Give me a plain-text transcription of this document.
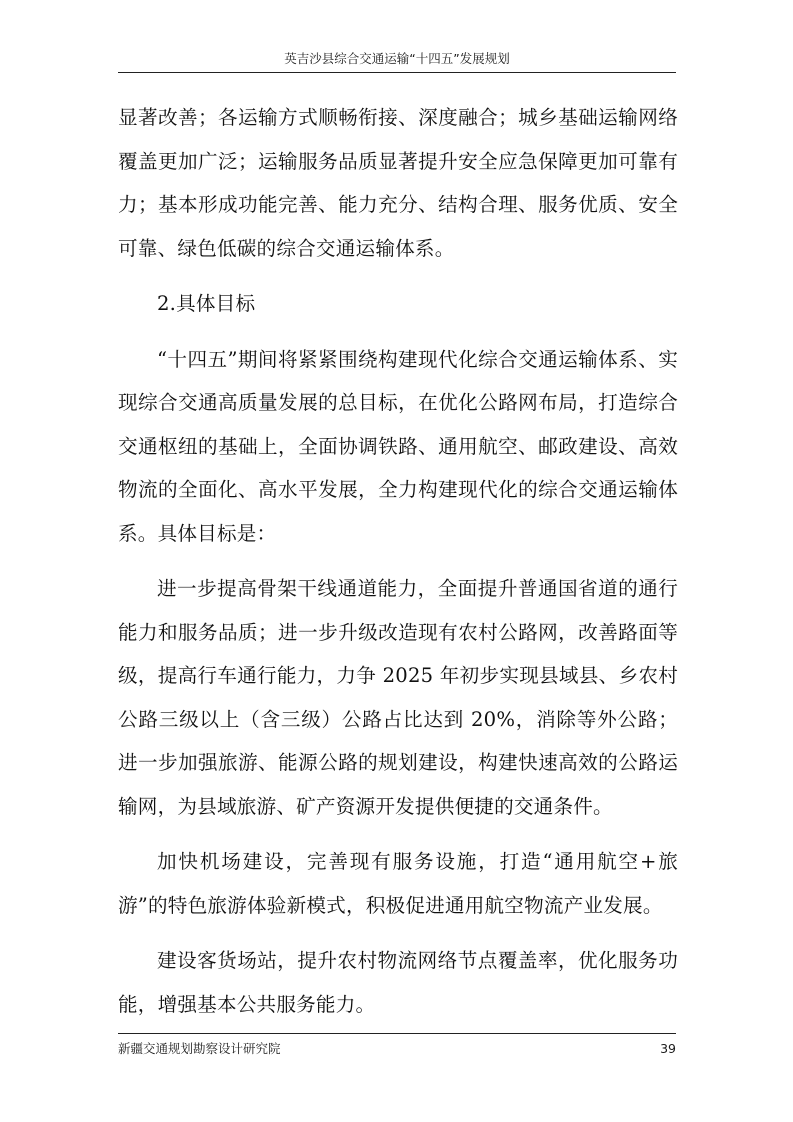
英吉沙县综合交通运输“十四五”发展规划

显著改善；各运输方式顺畅衔接、深度融合；城乡基础运输网络覆盖更加广泛；运输服务品质显著提升安全应急保障更加可靠有力；基本形成功能完善、能力充分、结构合理、服务优质、安全可靠、绿色低碳的综合交通运输体系。

2.具体目标

“十四五”期间将紧紧围绕构建现代化综合交通运输体系、实现综合交通高质量发展的总目标，在优化公路网布局，打造综合交通枢纽的基础上，全面协调铁路、通用航空、邮政建设、高效物流的全面化、高水平发展，全力构建现代化的综合交通运输体系。具体目标是：

进一步提高骨架干线通道能力，全面提升普通国省道的通行能力和服务品质；进一步升级改造现有农村公路网，改善路面等级，提高行车通行能力，力争 2025 年初步实现县域县、乡农村公路三级以上（含三级）公路占比达到 20%，消除等外公路；进一步加强旅游、能源公路的规划建设，构建快速高效的公路运输网，为县域旅游、矿产资源开发提供便捷的交通条件。

加快机场建设，完善现有服务设施，打造“通用航空+旅游”的特色旅游体验新模式，积极促进通用航空物流产业发展。

建设客货场站，提升农村物流网络节点覆盖率，优化服务功能，增强基本公共服务能力。

新疆交通规划勘察设计研究院	39
